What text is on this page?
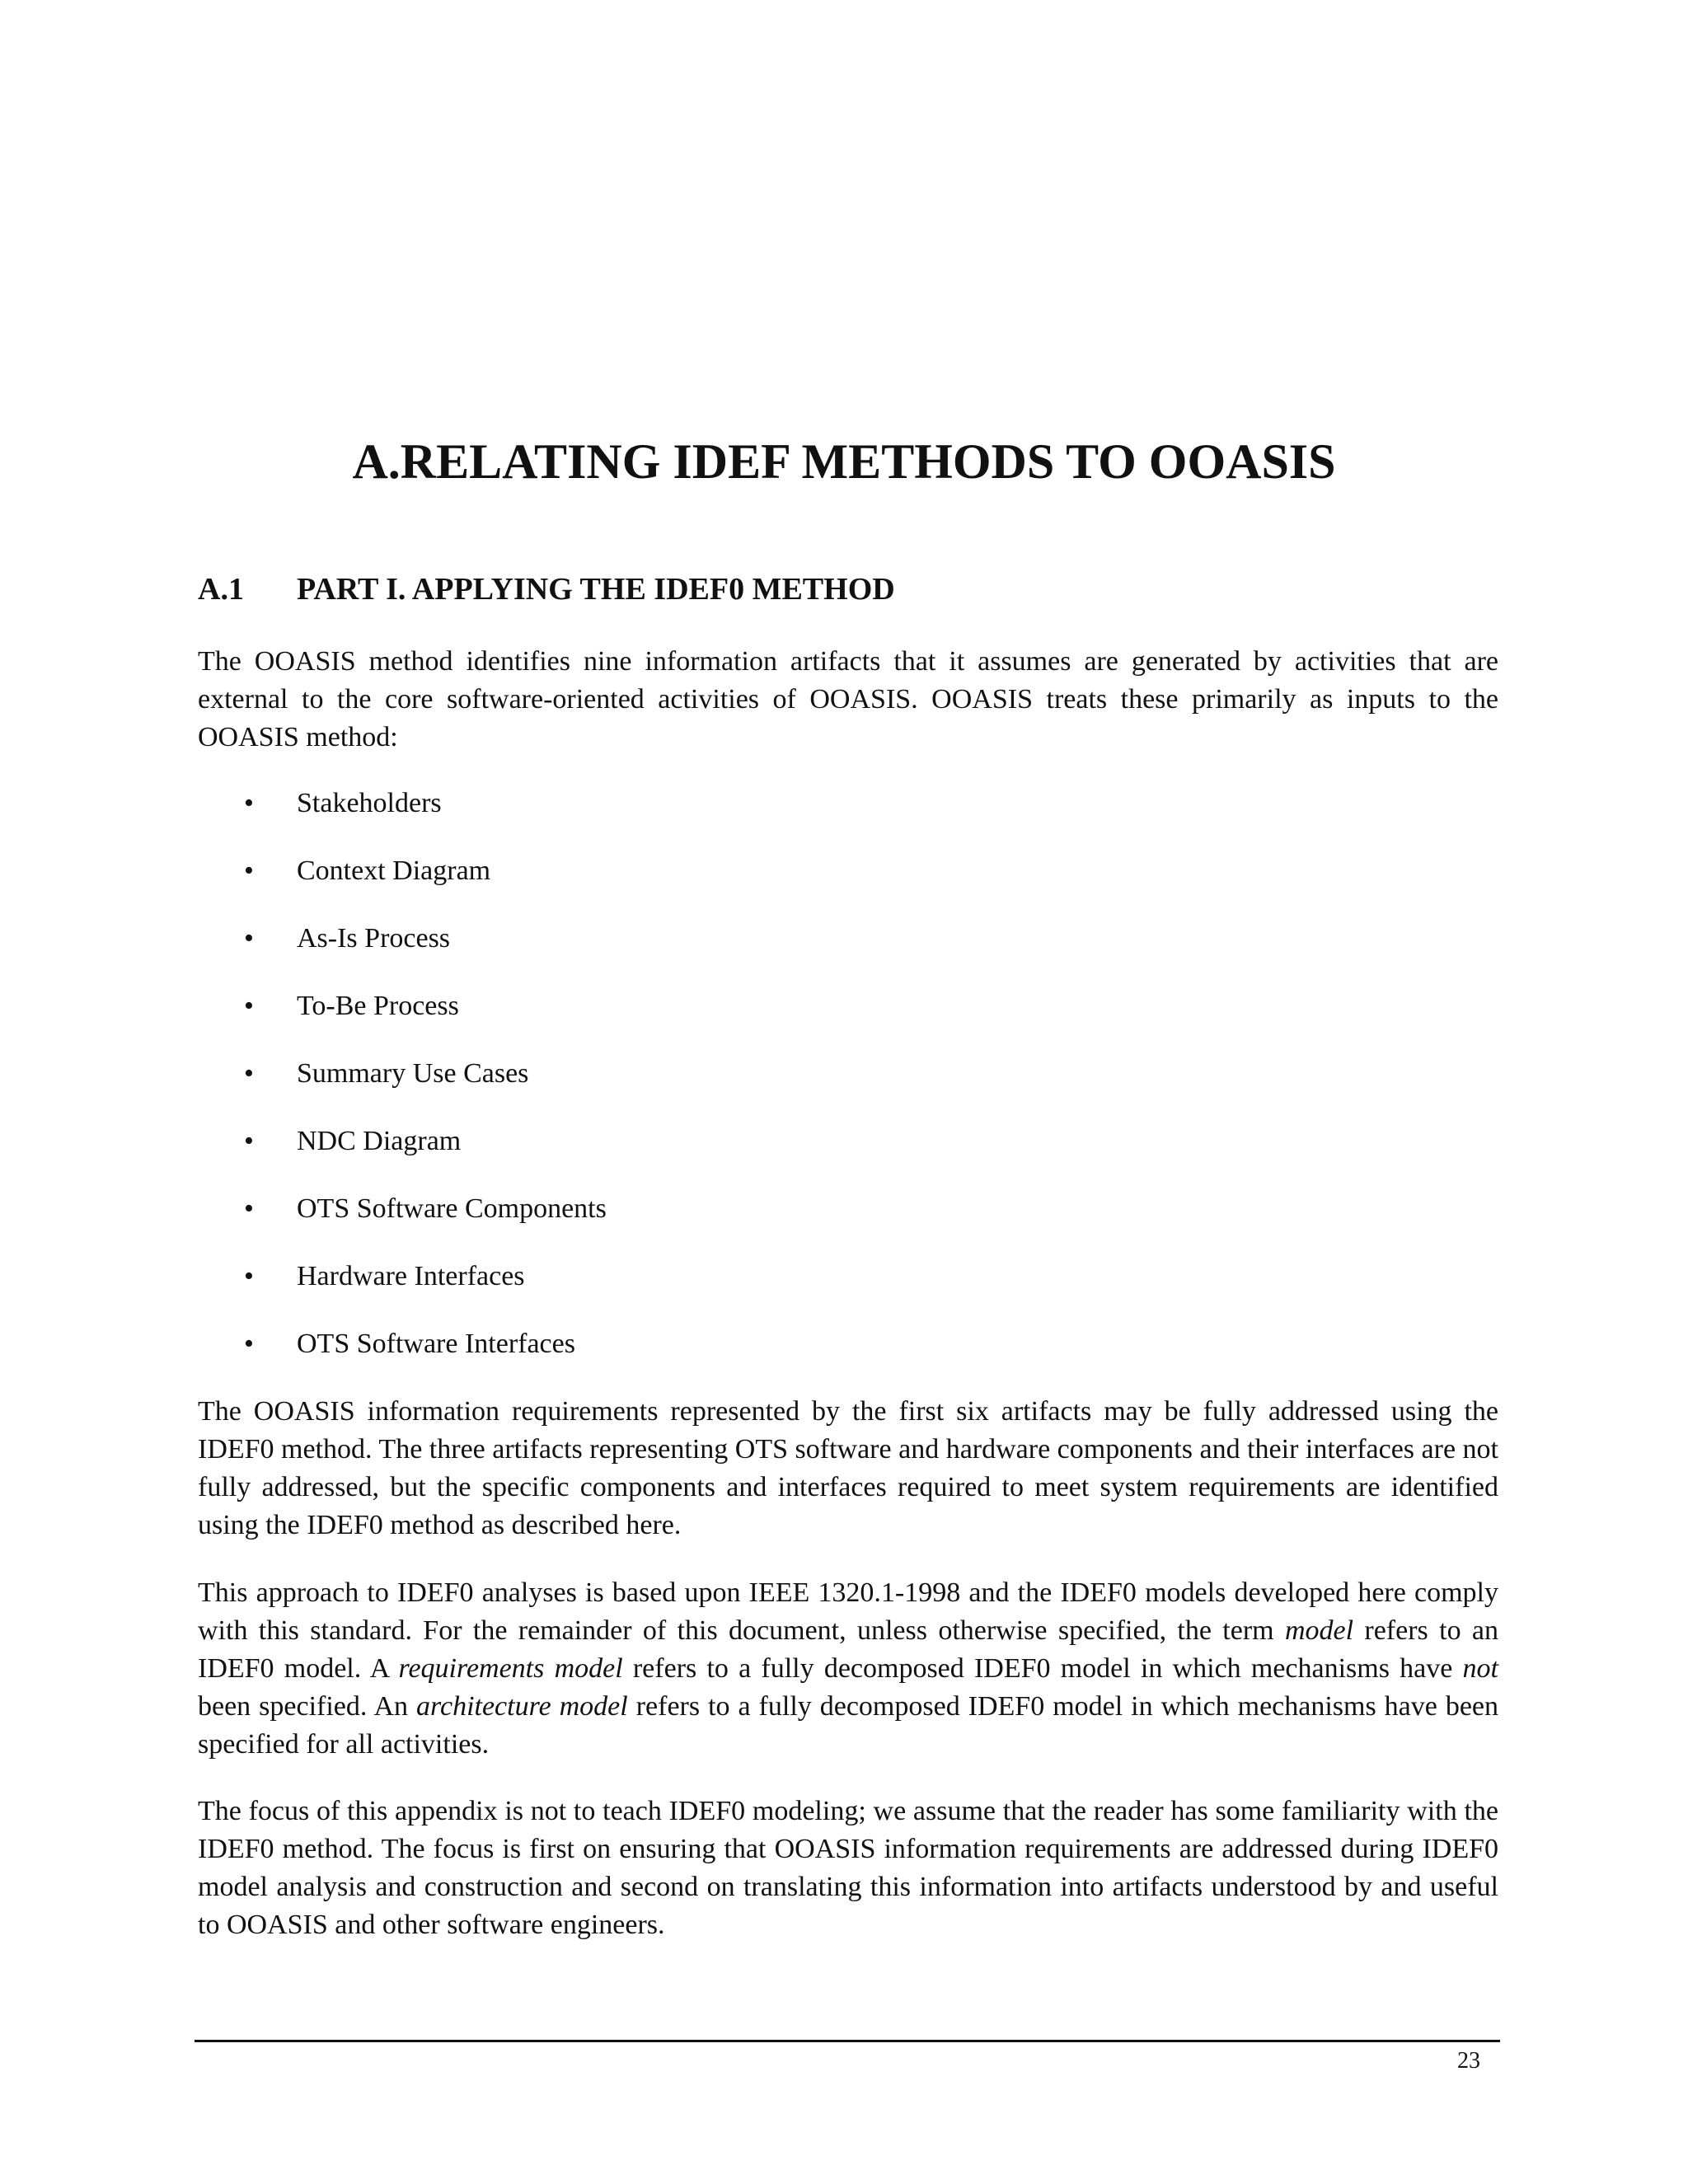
A.RELATING IDEF METHODS TO OOASIS
A.1 PART I. APPLYING THE IDEF0 METHOD

The OOASIS method identifies nine information artifacts that it assumes are generated by activities that are external to the core software-oriented activities of OOASIS. OOASIS treats these primarily as inputs to the OOASIS method:

• Stakeholders
• Context Diagram
• As-Is Process
• To-Be Process
• Summary Use Cases
• NDC Diagram
• OTS Software Components
• Hardware Interfaces
• OTS Software Interfaces

The OOASIS information requirements represented by the first six artifacts may be fully addressed using the IDEF0 method. The three artifacts representing OTS software and hardware components and their interfaces are not fully addressed, but the specific components and interfaces required to meet system requirements are identified using the IDEF0 method as described here.

This approach to IDEF0 analyses is based upon IEEE 1320.1-1998 and the IDEF0 models developed here comply with this standard. For the remainder of this document, unless otherwise specified, the term model refers to an IDEF0 model. A requirements model refers to a fully decomposed IDEF0 model in which mechanisms have not been specified. An architecture model refers to a fully decomposed IDEF0 model in which mechanisms have been specified for all activities.

The focus of this appendix is not to teach IDEF0 modeling; we assume that the reader has some familiarity with the IDEF0 method. The focus is first on ensuring that OOASIS information requirements are addressed during IDEF0 model analysis and construction and second on translating this information into artifacts understood by and useful to OOASIS and other software engineers.

23
